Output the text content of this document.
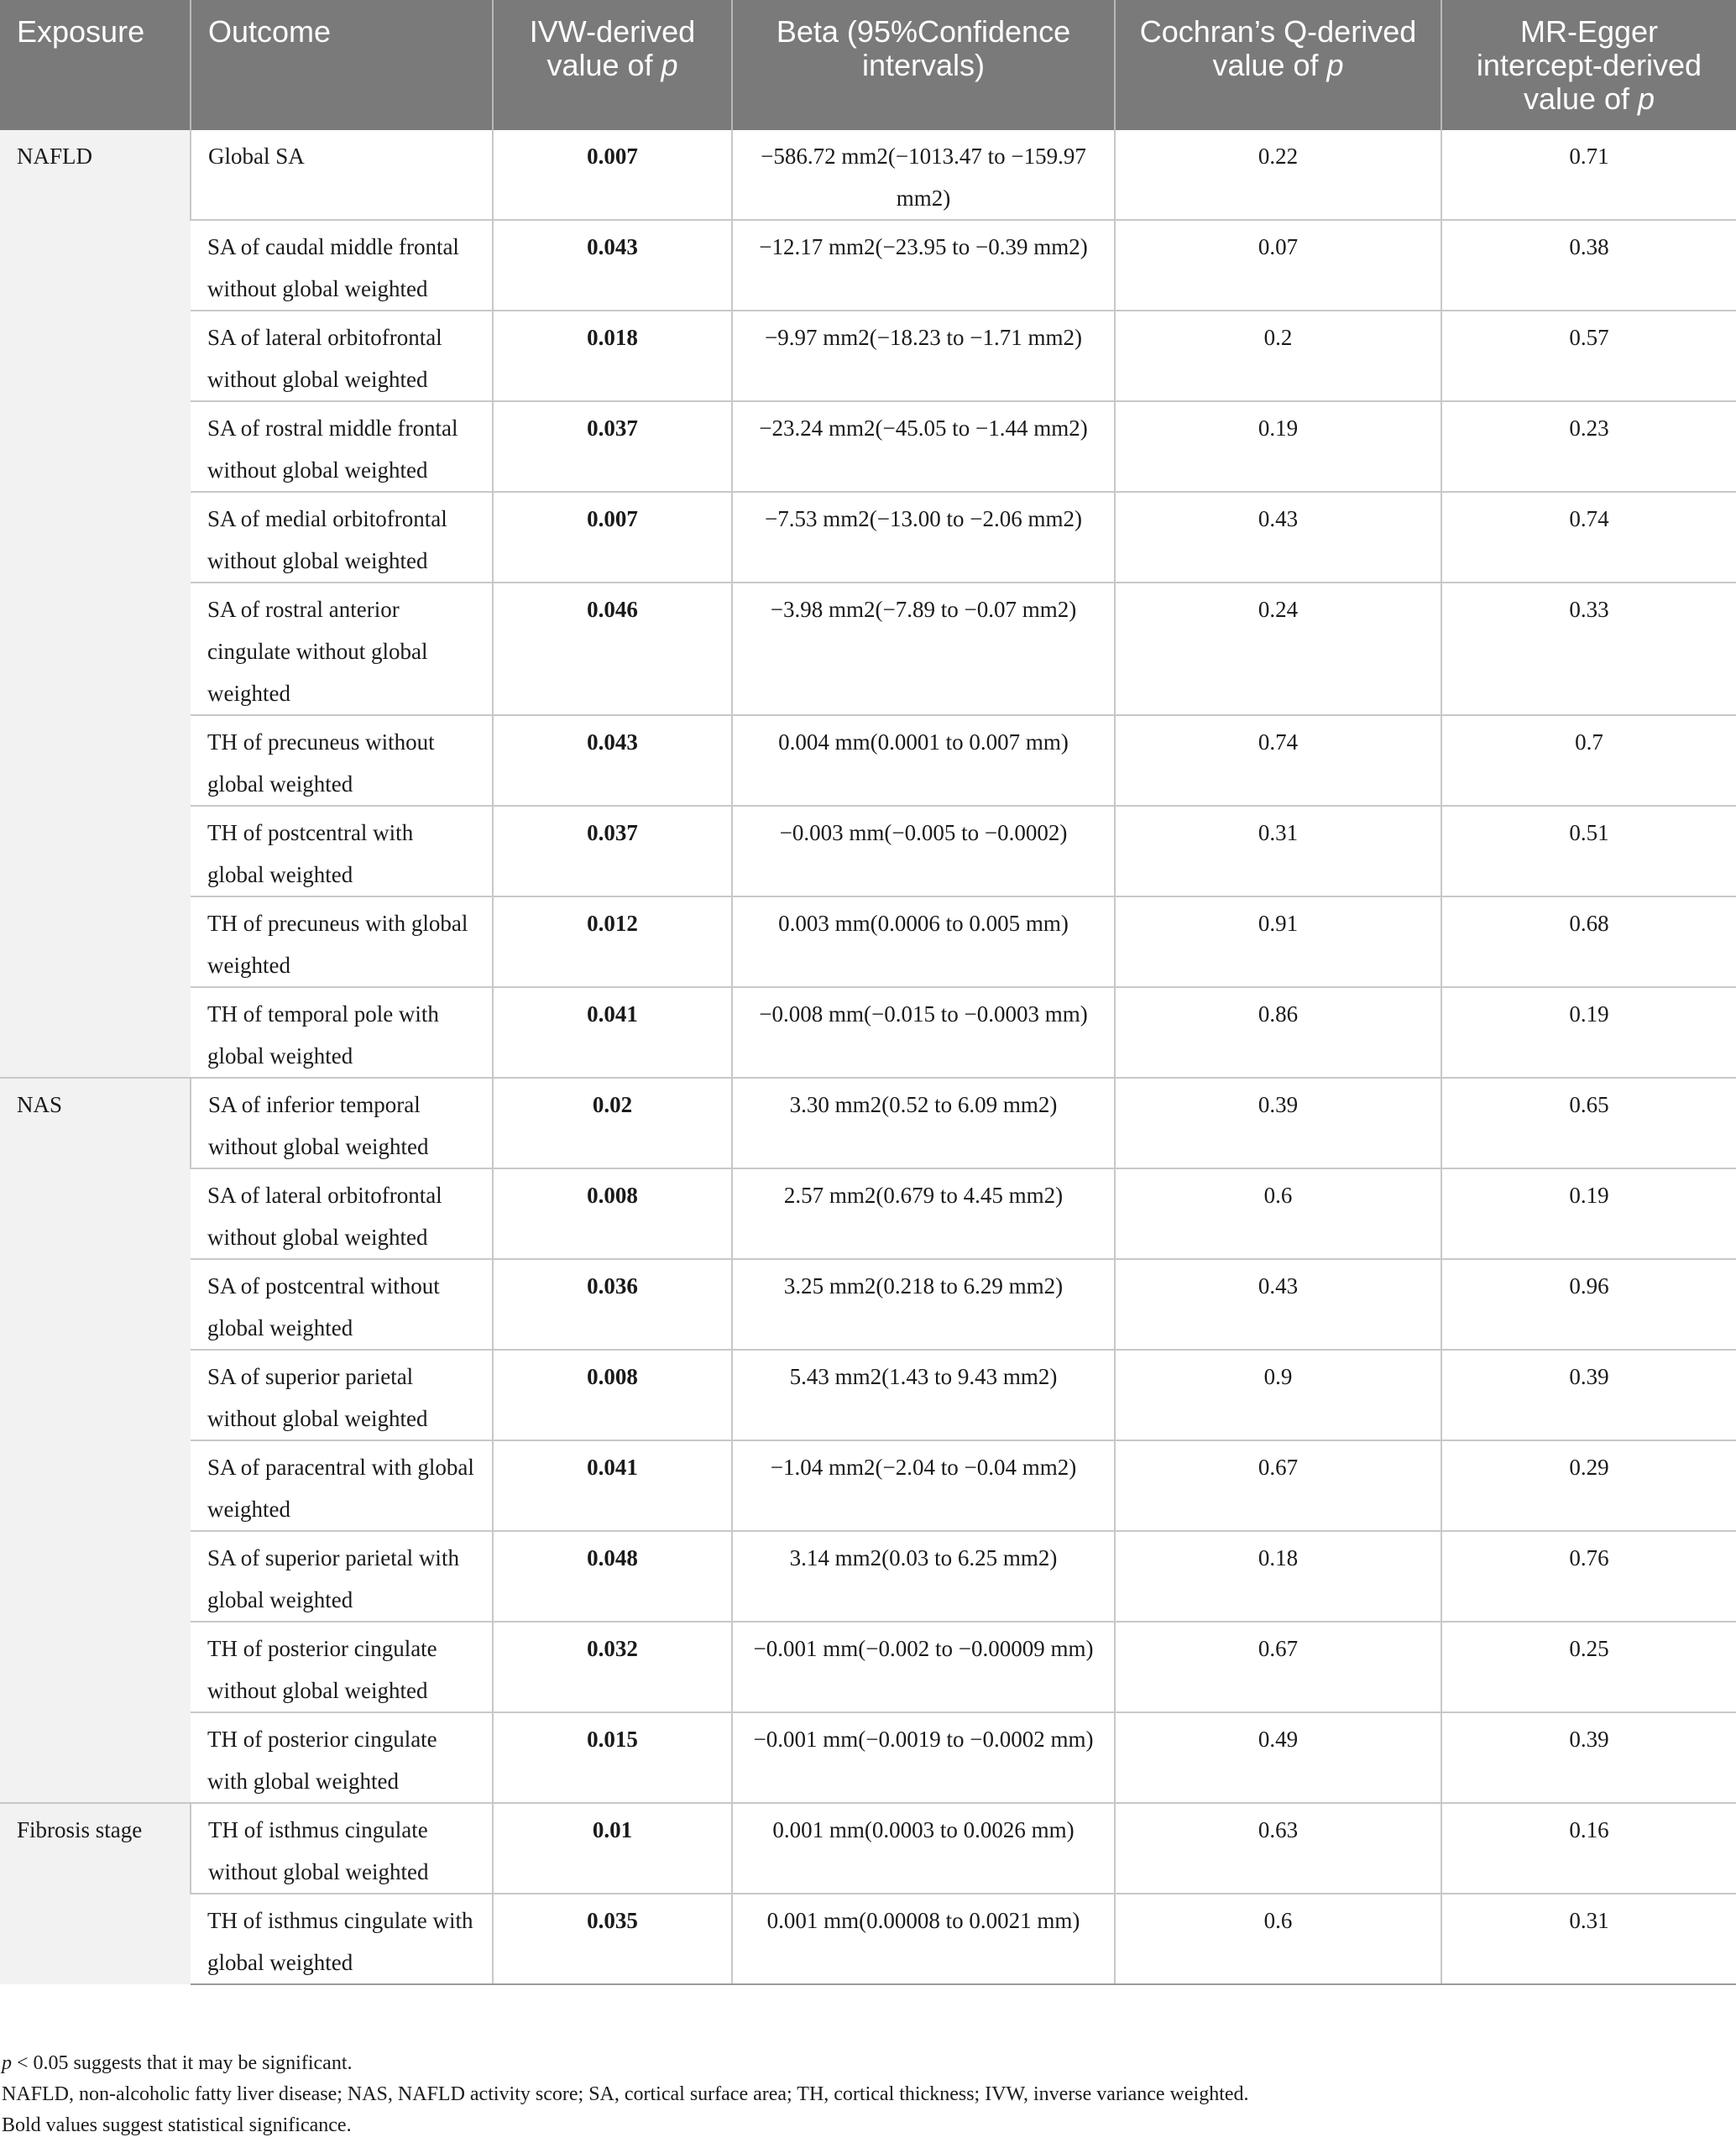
Exposure	Outcome	IVW-derived value of p	Beta (95%Confidence intervals)	Cochran’s Q-derived value of p	MR-Egger intercept-derived value of p
NAFLD	Global SA	0.007	−586.72 mm2(−1013.47 to −159.97 mm2)	0.22	0.71
	SA of caudal middle frontal without global weighted	0.043	−12.17 mm2(−23.95 to −0.39 mm2)	0.07	0.38
	SA of lateral orbitofrontal without global weighted	0.018	−9.97 mm2(−18.23 to −1.71 mm2)	0.2	0.57
	SA of rostral middle frontal without global weighted	0.037	−23.24 mm2(−45.05 to −1.44 mm2)	0.19	0.23
	SA of medial orbitofrontal without global weighted	0.007	−7.53 mm2(−13.00 to −2.06 mm2)	0.43	0.74
	SA of rostral anterior cingulate without global weighted	0.046	−3.98 mm2(−7.89 to −0.07 mm2)	0.24	0.33
	TH of precuneus without global weighted	0.043	0.004 mm(0.0001 to 0.007 mm)	0.74	0.7
	TH of postcentral with global weighted	0.037	−0.003 mm(−0.005 to −0.0002)	0.31	0.51
	TH of precuneus with global weighted	0.012	0.003 mm(0.0006 to 0.005 mm)	0.91	0.68
	TH of temporal pole with global weighted	0.041	−0.008 mm(−0.015 to −0.0003 mm)	0.86	0.19
NAS	SA of inferior temporal without global weighted	0.02	3.30 mm2(0.52 to 6.09 mm2)	0.39	0.65
	SA of lateral orbitofrontal without global weighted	0.008	2.57 mm2(0.679 to 4.45 mm2)	0.6	0.19
	SA of postcentral without global weighted	0.036	3.25 mm2(0.218 to 6.29 mm2)	0.43	0.96
	SA of superior parietal without global weighted	0.008	5.43 mm2(1.43 to 9.43 mm2)	0.9	0.39
	SA of paracentral with global weighted	0.041	−1.04 mm2(−2.04 to −0.04 mm2)	0.67	0.29
	SA of superior parietal with global weighted	0.048	3.14 mm2(0.03 to 6.25 mm2)	0.18	0.76
	TH of posterior cingulate without global weighted	0.032	−0.001 mm(−0.002 to −0.00009 mm)	0.67	0.25
	TH of posterior cingulate with global weighted	0.015	−0.001 mm(−0.0019 to −0.0002 mm)	0.49	0.39
Fibrosis stage	TH of isthmus cingulate without global weighted	0.01	0.001 mm(0.0003 to 0.0026 mm)	0.63	0.16
	TH of isthmus cingulate with global weighted	0.035	0.001 mm(0.00008 to 0.0021 mm)	0.6	0.31

p < 0.05 suggests that it may be significant.

NAFLD, non-alcoholic fatty liver disease; NAS, NAFLD activity score; SA, cortical surface area; TH, cortical thickness; IVW, inverse variance weighted.

Bold values suggest statistical significance.
